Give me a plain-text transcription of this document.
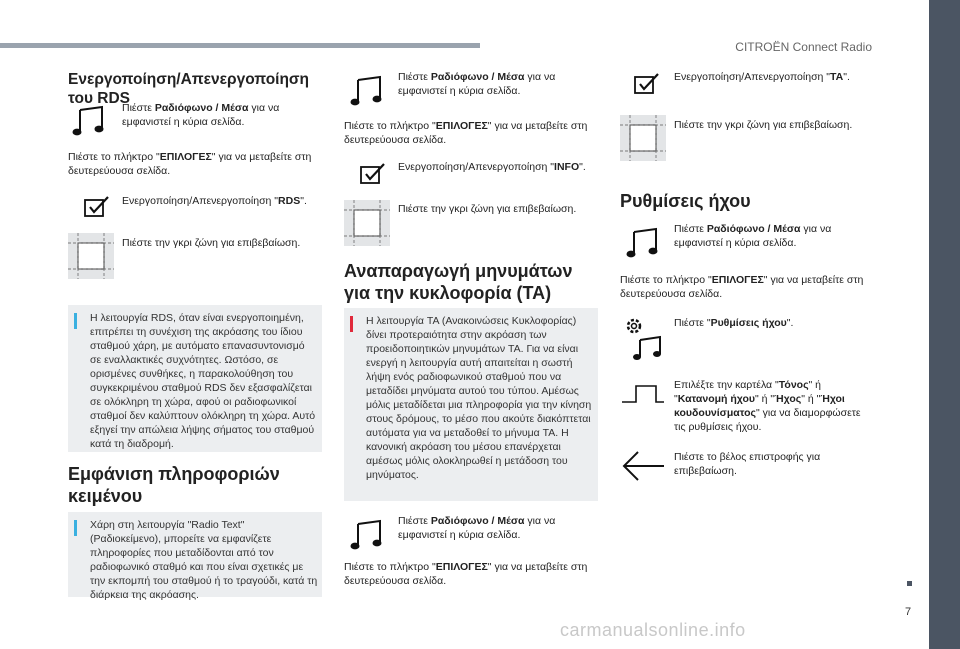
CITROËN Connect Radio
7
carmanualsonline.info
Ενεργοποίηση/Απενεργοποίηση του RDS
Πιέστε Ραδιόφωνο / Μέσα για να εμφανιστεί η κύρια σελίδα.
Πιέστε το πλήκτρο "ΕΠΙΛΟΓΕΣ" για να μεταβείτε στη δευτερεύουσα σελίδα.
Ενεργοποίηση/Απενεργοποίηση "RDS".
Πιέστε την γκρι ζώνη για επιβεβαίωση.
Η λειτουργία RDS, όταν είναι ενεργοποιημένη, επιτρέπει τη συνέχιση της ακρόασης του ίδιου σταθμού χάρη, με αυτόματο επανασυντονισμό σε εναλλακτικές συχνότητες. Ωστόσο, σε ορισμένες συνθήκες, η παρακολούθηση του συγκεκριμένου σταθμού RDS δεν εξασφαλίζεται σε ολόκληρη τη χώρα, αφού οι ραδιοφωνικοί σταθμοί δεν καλύπτουν ολόκληρη τη χώρα. Αυτό εξηγεί την απώλεια λήψης σήματος του σταθμού κατά τη διαδρομή.
Εμφάνιση πληροφοριών κειμένου
Χάρη στη λειτουργία "Radio Text" (Ραδιοκείμενο), μπορείτε να εμφανίζετε πληροφορίες που μεταδίδονται από τον ραδιοφωνικό σταθμό και που είναι σχετικές με την εκπομπή του σταθμού ή το τραγούδι, κατά τη διάρκεια της ακρόασης.
Πιέστε Ραδιόφωνο / Μέσα για να εμφανιστεί η κύρια σελίδα.
Πιέστε το πλήκτρο "ΕΠΙΛΟΓΕΣ" για να μεταβείτε στη δευτερεύουσα σελίδα.
Ενεργοποίηση/Απενεργοποίηση "INFO".
Πιέστε την γκρι ζώνη για επιβεβαίωση.
Αναπαραγωγή μηνυμάτων για την κυκλοφορία (TA)
Η λειτουργία TA (Ανακοινώσεις Κυκλοφορίας) δίνει προτεραιότητα στην ακρόαση των προειδοποιητικών μηνυμάτων TA. Για να είναι ενεργή η λειτουργία αυτή απαιτείται η σωστή λήψη ενός ραδιοφωνικού σταθμού που να μεταδίδει μηνύματα αυτού του τύπου. Αμέσως μόλις μεταδίδεται μια πληροφορία για την κίνηση στους δρόμους, το μέσο που ακούτε διακόπτεται αυτόματα για να μεταδοθεί το μήνυμα TA. Η κανονική ακρόαση του μέσου επανέρχεται αμέσως μόλις ολοκληρωθεί η μετάδοση του μηνύματος.
Πιέστε Ραδιόφωνο / Μέσα για να εμφανιστεί η κύρια σελίδα.
Πιέστε το πλήκτρο "ΕΠΙΛΟΓΕΣ" για να μεταβείτε στη δευτερεύουσα σελίδα.
Ενεργοποίηση/Απενεργοποίηση "TA".
Πιέστε την γκρι ζώνη για επιβεβαίωση.
Ρυθμίσεις ήχου
Πιέστε Ραδιόφωνο / Μέσα για να εμφανιστεί η κύρια σελίδα.
Πιέστε το πλήκτρο "ΕΠΙΛΟΓΕΣ" για να μεταβείτε στη δευτερεύουσα σελίδα.
Πιέστε "Ρυθμίσεις ήχου".
Επιλέξτε την καρτέλα "Τόνος" ή "Κατανομή ήχου" ή "Ήχος" ή "Ήχοι κουδουνίσματος" για να διαμορφώσετε τις ρυθμίσεις ήχου.
Πιέστε το βέλος επιστροφής για επιβεβαίωση.
